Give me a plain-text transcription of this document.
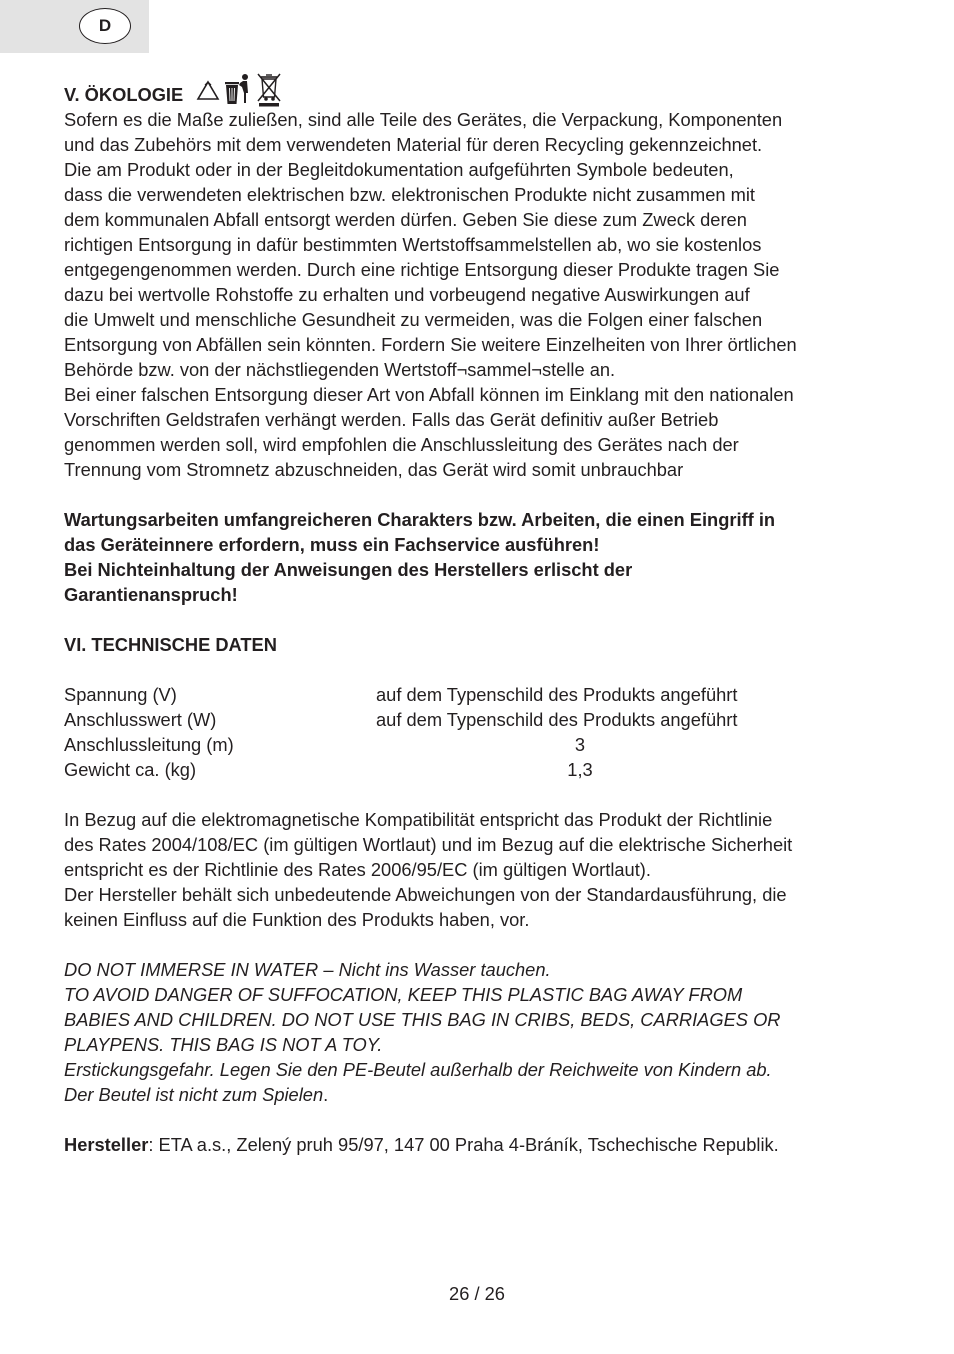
D
V. ÖKOLOGIE
Sofern es die Maße zuließen, sind alle Teile des Gerätes, die Verpackung, Komponenten
und das Zubehörs mit dem verwendeten Material für deren Recycling gekennzeichnet.
Die am Produkt oder in der Begleitdokumentation aufgeführten Symbole bedeuten,
dass die verwendeten elektrischen bzw. elektronischen Produkte nicht zusammen mit
dem kommunalen Abfall entsorgt werden dürfen. Geben Sie diese zum Zweck deren
richtigen Entsorgung in dafür bestimmten Wertstoffsammelstellen ab, wo sie kostenlos
entgegengenommen werden. Durch eine richtige Entsorgung dieser Produkte tragen Sie
dazu bei wertvolle Rohstoffe zu erhalten und vorbeugend negative Auswirkungen auf
die Umwelt und menschliche Gesundheit zu vermeiden, was die Folgen einer falschen
Entsorgung von Abfällen sein könnten. Fordern Sie weitere Einzelheiten von Ihrer örtlichen
Behörde bzw. von der nächstliegenden Wertstoff¬sammel¬stelle an.
Bei einer falschen Entsorgung dieser Art von Abfall können im Einklang mit den nationalen
Vorschriften Geldstrafen verhängt werden. Falls das Gerät definitiv außer Betrieb
genommen werden soll, wird empfohlen die Anschlussleitung des Gerätes nach der
Trennung vom Stromnetz abzuschneiden, das Gerät wird somit unbrauchbar
Wartungsarbeiten umfangreicheren Charakters bzw. Arbeiten, die einen Eingriff in
das Geräteinnere erfordern, muss ein Fachservice ausführen!
Bei Nichteinhaltung der Anweisungen des Herstellers erlischt der
Garantienanspruch!
VI. TECHNISCHE DATEN
Spannung (V)	auf dem Typenschild des Produkts angeführt
Anschlusswert (W)	auf dem Typenschild des Produkts angeführt
Anschlussleitung (m)	3
Gewicht ca. (kg)	1,3
In Bezug auf die elektromagnetische Kompatibilität entspricht das Produkt der Richtlinie
des Rates 2004/108/EC (im gültigen Wortlaut) und im Bezug auf die elektrische Sicherheit
entspricht es der Richtlinie des Rates 2006/95/EC (im gültigen Wortlaut).
Der Hersteller behält sich unbedeutende Abweichungen von der Standardausführung, die
keinen Einfluss auf die Funktion des Produkts haben, vor.
DO NOT IMMERSE IN WATER – Nicht ins Wasser tauchen.
TO AVOID DANGER OF SUFFOCATION, KEEP THIS PLASTIC BAG AWAY FROM
BABIES AND CHILDREN. DO NOT USE THIS BAG IN CRIBS, BEDS, CARRIAGES OR
PLAYPENS. THIS BAG IS NOT A TOY.
Erstickungsgefahr. Legen Sie den PE-Beutel außerhalb der Reichweite von Kindern ab.
Der Beutel ist nicht zum Spielen.
Hersteller: ETA a.s., Zelený pruh 95/97, 147 00 Praha 4-Bráník, Tschechische Republik.
26 / 26
